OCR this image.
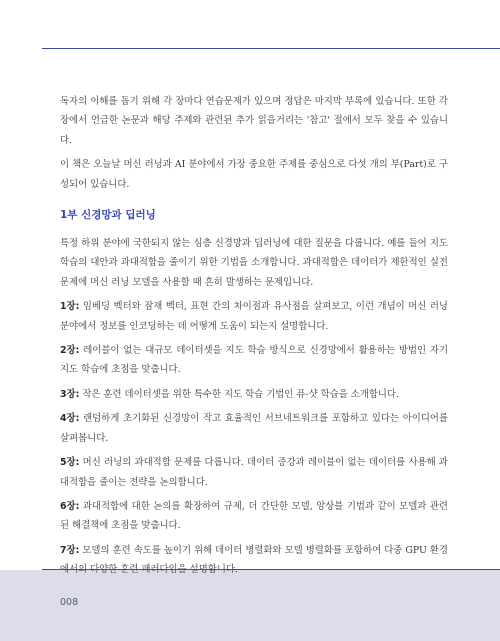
독자의 이해를 돕기 위해 각 장마다 연습문제가 있으며 정답은 마지막 부록에 있습니다. 또한 각 장에서 언급한 논문과 해당 주제와 관련된 추가 읽을거리는 '참고' 절에서 모두 찾을 수 있습니다.

이 책은 오늘날 머신 러닝과 AI 분야에서 가장 중요한 주제를 중심으로 다섯 개의 부(Part)로 구성되어 있습니다.

1부 신경망과 딥러닝

특정 하위 분야에 국한되지 않는 심층 신경망과 딥러닝에 대한 질문을 다룹니다. 예를 들어 지도 학습의 대안과 과대적합을 줄이기 위한 기법을 소개합니다. 과대적합은 데이터가 제한적인 실전 문제에 머신 러닝 모델을 사용할 때 흔히 발생하는 문제입니다.

1장: 임베딩 벡터와 잠재 벡터, 표현 간의 차이점과 유사점을 살펴보고, 이런 개념이 머신 러닝 분야에서 정보를 인코딩하는 데 어떻게 도움이 되는지 설명합니다.

2장: 레이블이 없는 대규모 데이터셋을 지도 학습 방식으로 신경망에서 활용하는 방법인 자기 지도 학습에 초점을 맞춥니다.

3장: 작은 훈련 데이터셋을 위한 특수한 지도 학습 기법인 퓨-샷 학습을 소개합니다.

4장: 랜덤하게 초기화된 신경망이 작고 효율적인 서브네트워크를 포함하고 있다는 아이디어를 살펴봅니다.

5장: 머신 러닝의 과대적합 문제를 다룹니다. 데이터 증강과 레이블이 없는 데이터를 사용해 과대적합을 줄이는 전략을 논의합니다.

6장: 과대적합에 대한 논의를 확장하여 규제, 더 간단한 모델, 앙상블 기법과 같이 모델과 관련된 해결책에 초점을 맞춥니다.

7장: 모델의 훈련 속도를 높이기 위해 데이터 병렬화와 모델 병렬화를 포함하여 다중 GPU 환경

008
